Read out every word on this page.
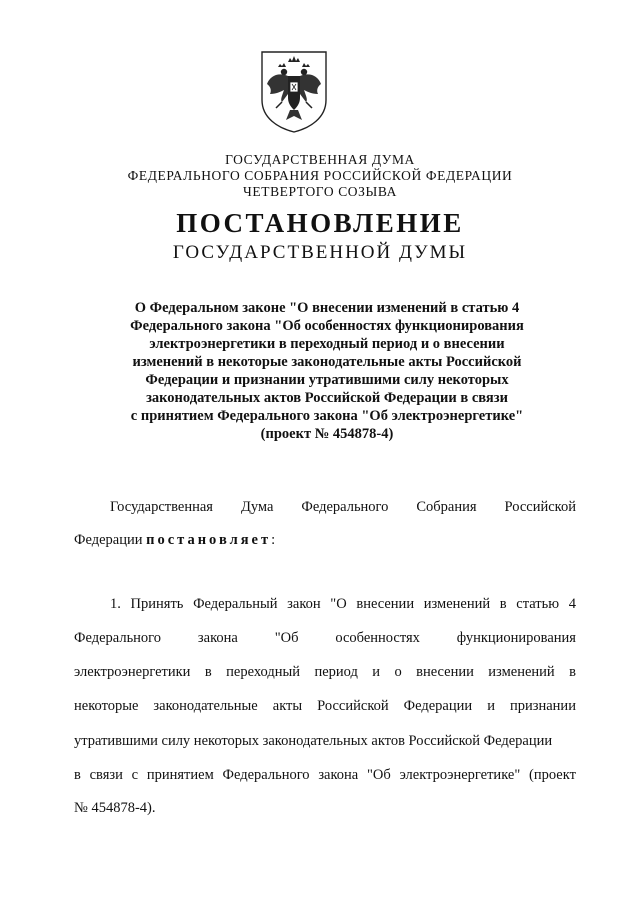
ГОСУДАРСТВЕННАЯ ДУМА
ФЕДЕРАЛЬНОГО СОБРАНИЯ РОССИЙСКОЙ ФЕДЕРАЦИИ
ЧЕТВЕРТОГО СОЗЫВА
ПОСТАНОВЛЕНИЕ
ГОСУДАРСТВЕННОЙ ДУМЫ
О Федеральном законе "О внесении изменений в статью 4
Федерального закона "Об особенностях функционирования
электроэнергетики в переходный период и о внесении
изменений в некоторые законодательные акты Российской
Федерации и признании утратившими силу некоторых
законодательных актов Российской Федерации в связи
с принятием Федерального закона "Об электроэнергетике"
(проект № 454878-4)
Государственная Дума Федерального Собрания Российской
Федерации постановляет:
1. Принять Федеральный закон "О внесении изменений в статью 4
Федерального	закона	"Об	особенностях	функционирования
электроэнергетики в переходный период и о внесении изменений в
некоторые законодательные акты Российской Федерации и признании
утратившими силу некоторых законодательных актов Российской Федерации
в связи с принятием Федерального закона "Об электроэнергетике" (проект
№ 454878-4).
